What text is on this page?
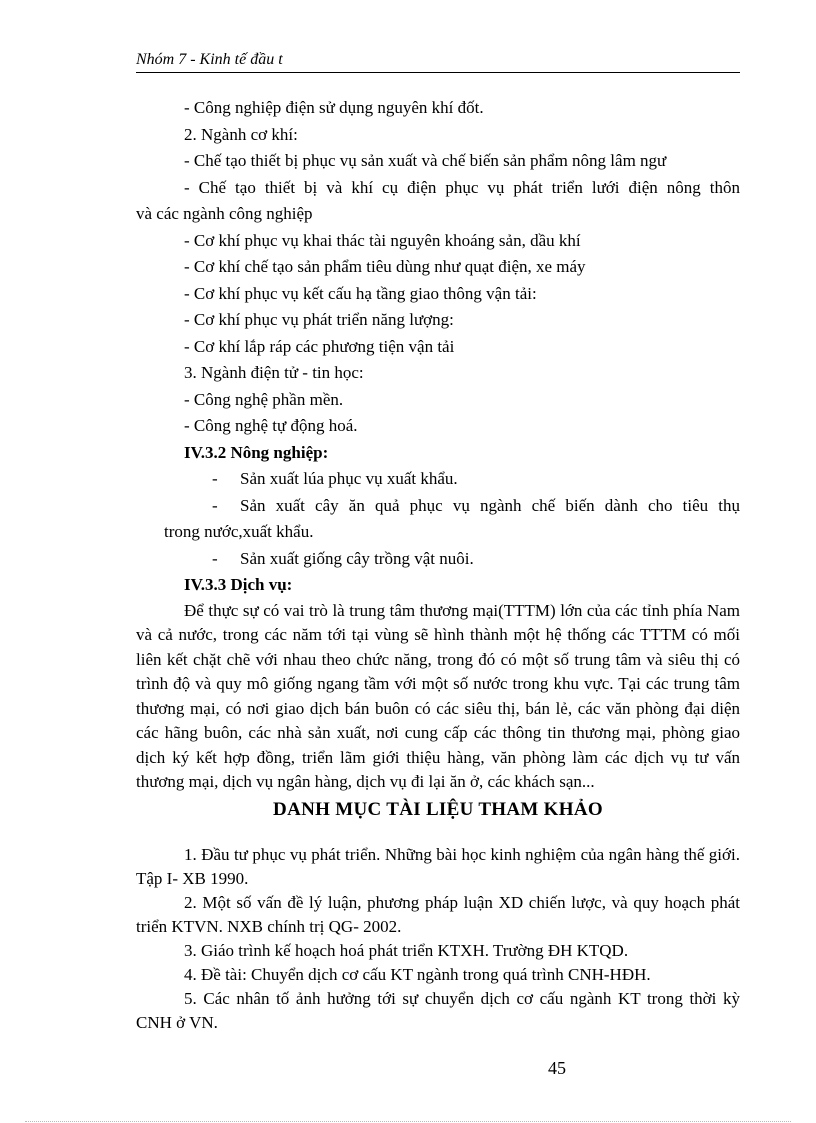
Nhóm 7 - Kinh tế đầu t
- Công nghiệp điện sử dụng nguyên khí đốt.
2. Ngành cơ khí:
- Chế tạo thiết bị phục vụ sản xuất và chế biến sản phẩm nông lâm ngư
- Chế tạo thiết bị và khí cụ điện phục vụ phát triển lưới điện nông thôn
và các ngành công nghiệp
- Cơ khí phục vụ khai thác tài nguyên khoáng sản, dầu khí
- Cơ khí chế tạo sản phẩm tiêu dùng như quạt điện, xe máy
- Cơ khí phục vụ kết cấu hạ tầng giao thông vận tải:
- Cơ khí phục vụ phát triển năng lượng:
- Cơ khí lắp ráp các phương tiện vận tải
3. Ngành điện tử - tin học:
- Công nghệ phần mền.
- Công nghệ tự động hoá.
IV.3.2 Nông nghiệp:
- Sản xuất lúa phục vụ xuất khẩu.
- Sản xuất cây ăn quả phục vụ ngành chế biến dành cho tiêu thụ
trong nước,xuất khẩu.
- Sản xuất giống cây trồng vật nuôi.
IV.3.3 Dịch vụ:
Để thực sự có vai trò là trung tâm thương mại(TTTM) lớn của các tỉnh phía Nam và cả nước, trong các năm tới tại vùng sẽ hình thành một hệ thống các TTTM có mối liên kết chặt chẽ với nhau theo chức năng, trong đó có một số trung tâm và siêu thị có trình độ và quy mô giống ngang tầm với một số nước trong khu vực. Tại các trung tâm thương mại, có nơi giao dịch bán buôn có các siêu thị, bán lẻ, các văn phòng đại diện các hãng buôn, các nhà sản xuất, nơi cung cấp các thông tin thương mại, phòng giao dịch ký kết hợp đồng, triển lãm giới thiệu hàng, văn phòng làm các dịch vụ tư vấn thương mại, dịch vụ ngân hàng, dịch vụ đi lại ăn ở, các khách sạn...
DANH MỤC TÀI LIỆU THAM KHẢO
1. Đầu tư phục vụ phát triển. Những bài học kinh nghiệm của ngân hàng thế giới. Tập I- XB 1990.
2. Một số vấn đề lý luận, phương pháp luận XD chiến lược, và quy hoạch phát triển KTVN. NXB chính trị QG- 2002.
3. Giáo trình kế hoạch hoá phát triển KTXH. Trường ĐH KTQD.
4. Đề tài: Chuyển dịch cơ cấu KT ngành trong quá trình CNH-HĐH.
5. Các nhân tố ảnh hưởng tới sự chuyển dịch cơ cấu ngành KT trong thời kỳ CNH ở VN.
45
